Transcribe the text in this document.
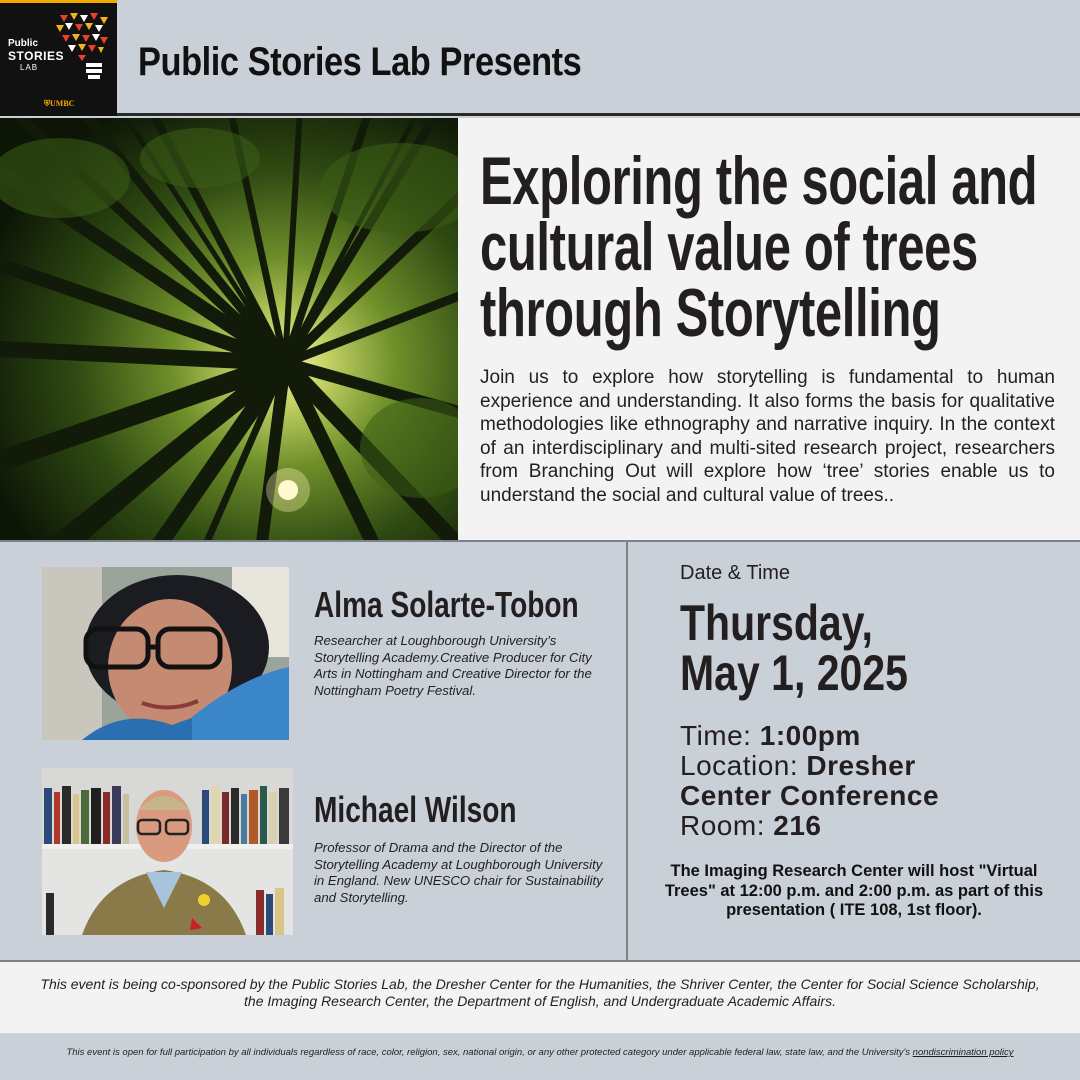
Public
STORIES
LAB
⛨UMBC
Public Stories Lab Presents
Exploring the social and cultural value of trees through Storytelling
Join us to explore how storytelling is fundamental to human experience and understanding. It also forms the basis for qualitative methodologies like ethnography and narrative inquiry. In the context of an interdisciplinary and multi-sited research project, researchers from Branching Out will explore how ‘tree’ stories enable us to understand the social and cultural value of trees..
Alma Solarte-Tobon
Researcher at Loughborough University’s Storytelling Academy.Creative Producer for City Arts in Nottingham and Creative Director for the Nottingham Poetry Festival.
Michael Wilson
Professor of Drama and the Director of the Storytelling Academy at Loughborough University in England. New UNESCO chair for Sustainability and Storytelling.
Date & Time
Thursday,
May 1, 2025
Time: 1:00pm
Location: Dresher
Center Conference
Room: 216
The Imaging Research Center will host "Virtual Trees" at 12:00 p.m. and 2:00 p.m. as part of this presentation ( ITE 108, 1st floor).
This event is being co-sponsored by the Public Stories Lab, the Dresher Center for the Humanities, the Shriver Center, the Center for Social Science Scholarship, the Imaging Research Center, the Department of English, and Undergraduate Academic Affairs.
This event is open for full participation by all individuals regardless of race, color, religion, sex, national origin, or any other protected category under applicable federal law, state law, and the University's nondiscrimination policy
